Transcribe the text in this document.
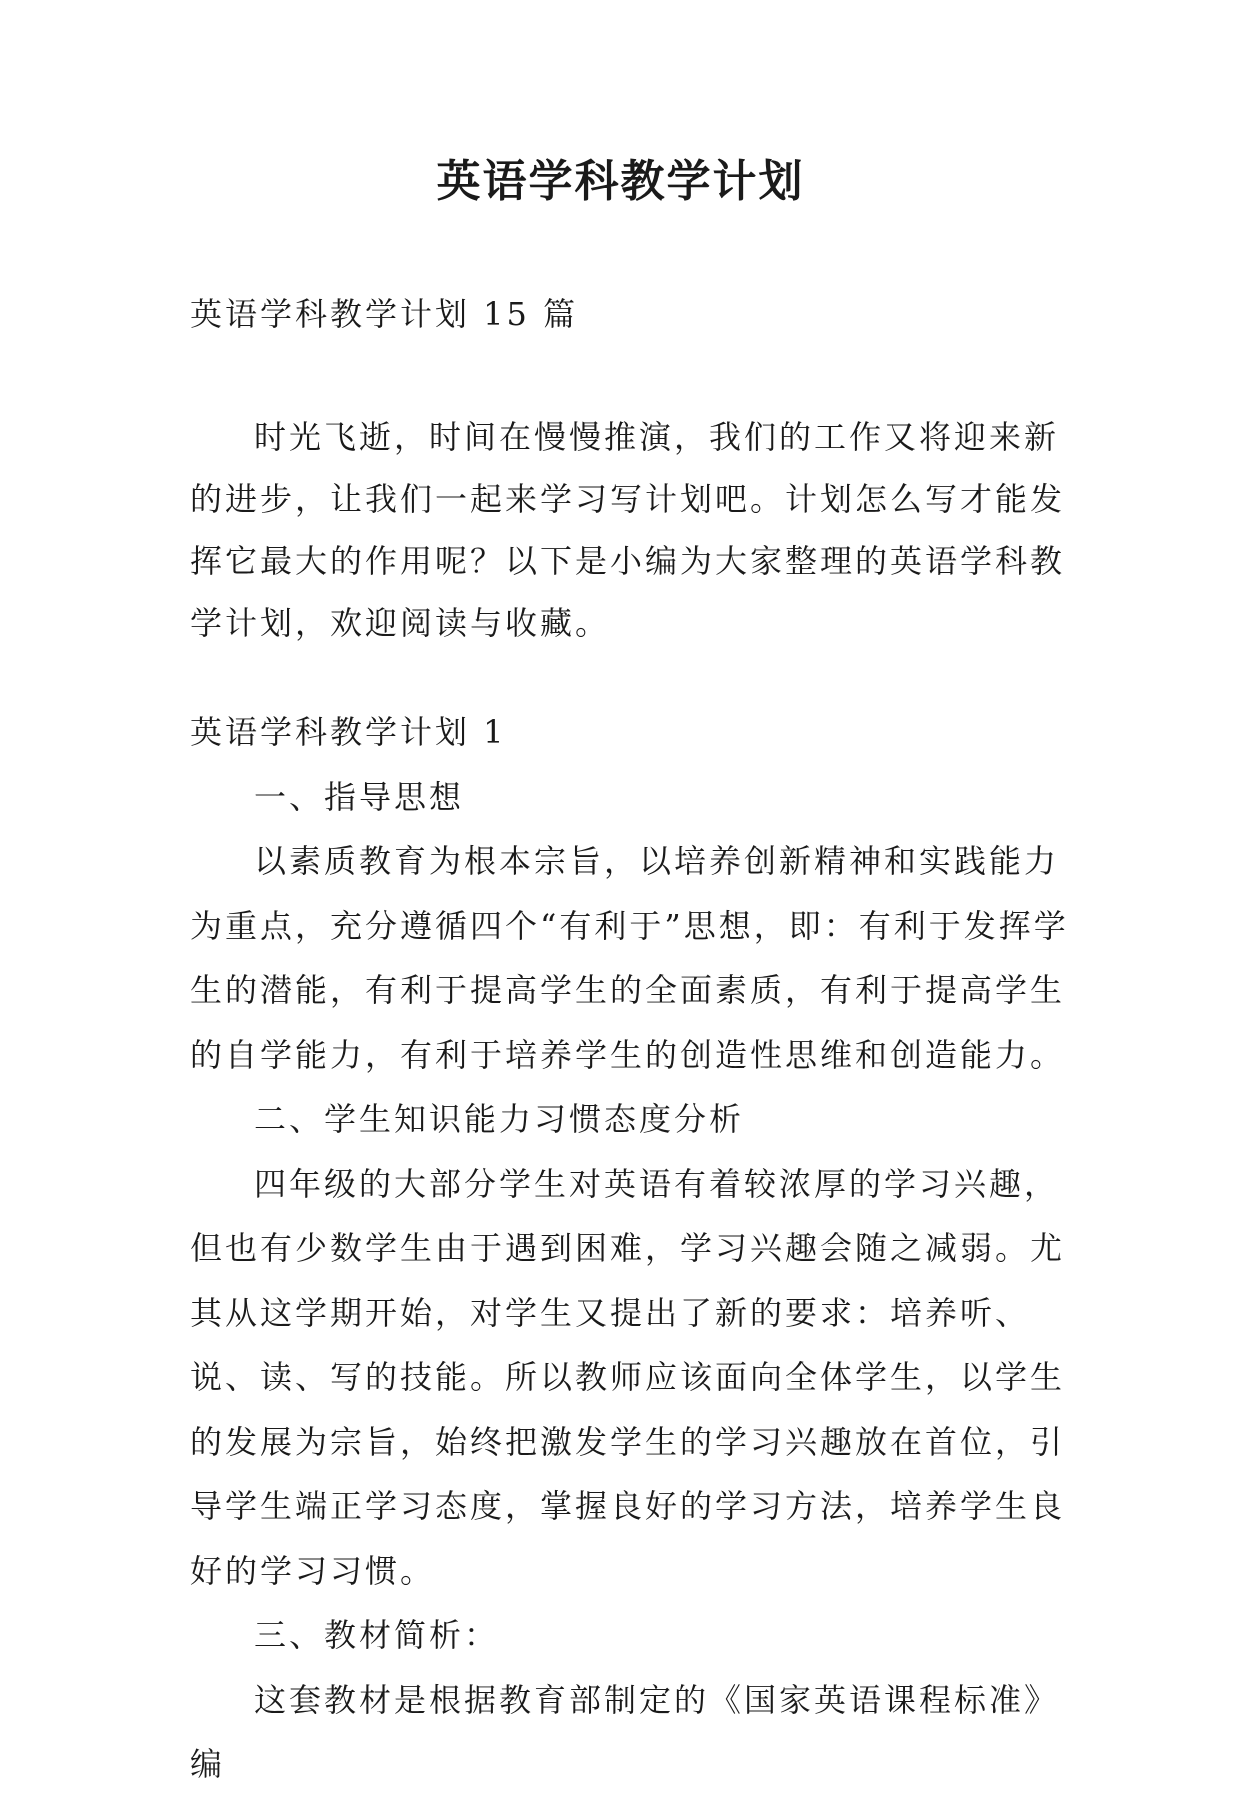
英语学科教学计划
英语学科教学计划 15 篇
时光飞逝，时间在慢慢推演，我们的工作又将迎来新的进步，让我们一起来学习写计划吧。计划怎么写才能发挥它最大的作用呢？以下是小编为大家整理的英语学科教学计划，欢迎阅读与收藏。

英语学科教学计划 1

一、指导思想

以素质教育为根本宗旨，以培养创新精神和实践能力为重点，充分遵循四个“有利于”思想，即：有利于发挥学生的潜能，有利于提高学生的全面素质，有利于提高学生的自学能力，有利于培养学生的创造性思维和创造能力。

二、学生知识能力习惯态度分析

四年级的大部分学生对英语有着较浓厚的学习兴趣，但也有少数学生由于遇到困难，学习兴趣会随之减弱。尤其从这学期开始，对学生又提出了新的要求：培养听、说、读、写的技能。所以教师应该面向全体学生，以学生的发展为宗旨，始终把激发学生的学习兴趣放在首位，引导学生端正学习态度，掌握良好的学习方法，培养学生良好的学习习惯。

三、教材简析：

这套教材是根据教育部制定的《国家英语课程标准》编
